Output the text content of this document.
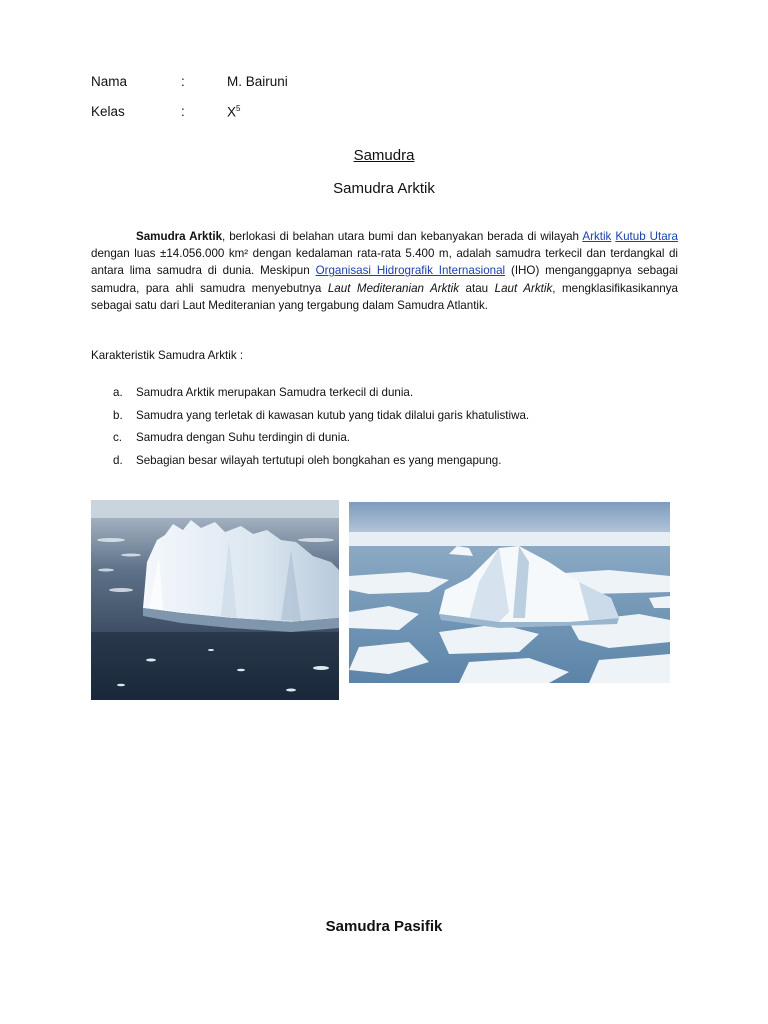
Nama	:	M. Bairuni
Kelas	:	$X^5$
Samudra
Samudra Arktik

Samudra Arktik, berlokasi di belahan utara bumi dan kebanyakan berada di wilayah Arktik Kutub Utara dengan luas ±14.056.000 km² dengan kedalaman rata-rata 5.400 m, adalah samudra terkecil dan terdangkal di antara lima samudra di dunia. Meskipun Organisasi Hidrografik Internasional (IHO) menganggapnya sebagai samudra, para ahli samudra menyebutnya Laut Mediteranian Arktik atau Laut Arktik, mengklasifikasikannya sebagai satu dari Laut Mediteranian yang tergabung dalam Samudra Atlantik.

Karakteristik Samudra Arktik :
a. Samudra Arktik merupakan Samudra terkecil di dunia.
b. Samudra yang terletak di kawasan kutub yang tidak dilalui garis khatulistiwa.
c. Samudra dengan Suhu terdingin di dunia.
d. Sebagian besar wilayah tertutupi oleh bongkahan es yang mengapung.
Samudra Pasifik
